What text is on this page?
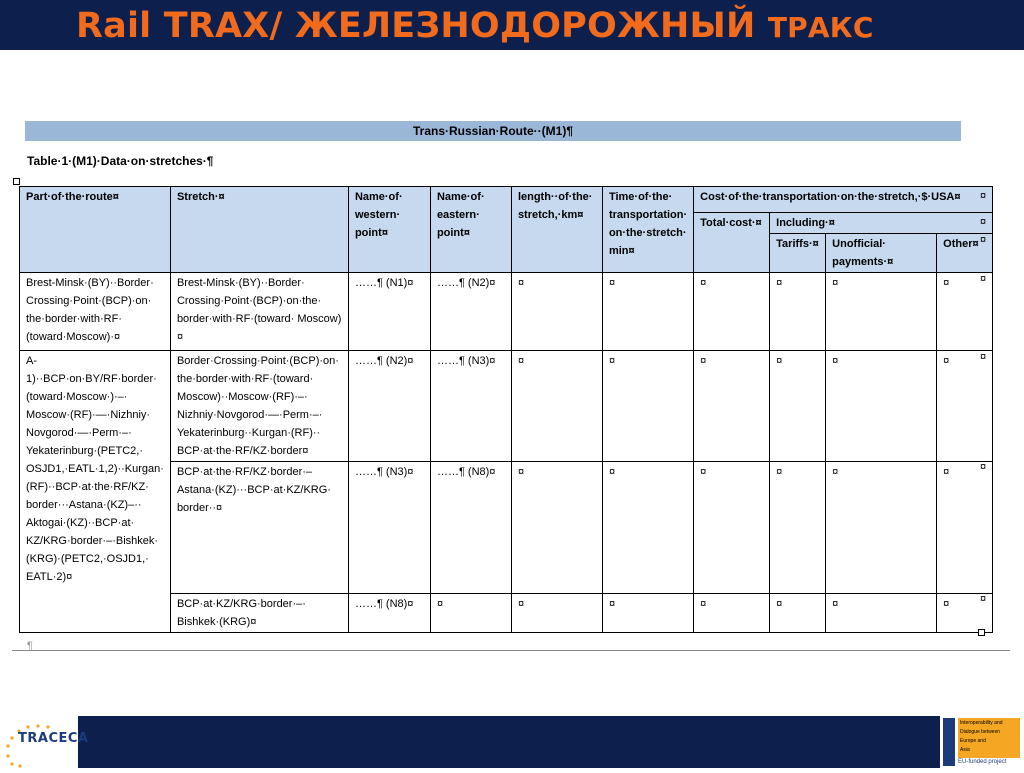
Rail TRAX/ ЖЕЛЕЗНОДОРОЖНЫЙ ТРАКС
Trans·Russian·Route··(M1)¶
Table·1·(M1)·Data·on·stretches·¶
Part·of·the·route¤	Stretch·¤	Name·of· western· point¤	Name·of· eastern· point¤	length··of·the· stretch,·km¤	Time·of·the· transportation· on·the·stretch· min¤	Cost·of·the·transportation·on·the·stretch,·$·USA¤			
						Total·cost·¤	Including·¤		
							Tariffs·¤	Unofficial· payments·¤	Other¤
Brest-Minsk·(BY)··Border· Crossing·Point·(BCP)·on· the·border·with·RF· (toward·Moscow)·¤	Brest-Minsk·(BY)··Border· Crossing·Point·(BCP)·on·the· border·with·RF·(toward· Moscow)¤	……¶ (N1)¤	……¶ (N2)¤	¤	¤	¤	¤	¤	¤
A-1)··BCP·on·BY/RF·border· (toward·Moscow·)·–· Moscow·(RF)·—·Nizhniy· Novgorod·—·Perm·–· Yekaterinburg·(PETC2,· OSJD1,·EATL·1,2)··Kurgan· (RF)··BCP·at·the·RF/KZ· border···Astana·(KZ)–·· Aktogai·(KZ)··BCP·at· KZ/KRG·border·–·Bishkek· (KRG)·(PETC2,·OSJD1,· EATL·2)¤	Border·Crossing·Point·(BCP)·on· the·border·with·RF·(toward· Moscow)··Moscow·(RF)·–· Nizhniy·Novgorod·—·Perm·–· Yekaterinburg··Kurgan·(RF)·· BCP·at·the·RF/KZ·border¤	……¶ (N2)¤	……¶ (N3)¤	¤	¤	¤	¤	¤	¤
	BCP·at·the·RF/KZ·border·– Astana·(KZ)···BCP·at·KZ/KRG· border··¤	……¶ (N3)¤	……¶ (N8)¤	¤	¤	¤	¤	¤	¤
	BCP·at·KZ/KRG·border·–· Bishkek·(KRG)¤	……¶ (N8)¤	¤	¤	¤	¤	¤	¤	¤
¤
¤
¤
¤
¤
¤
¤
¶
TRACECA
Interoperability and
Dialogue between
Europe and
Asia
EU-funded project
